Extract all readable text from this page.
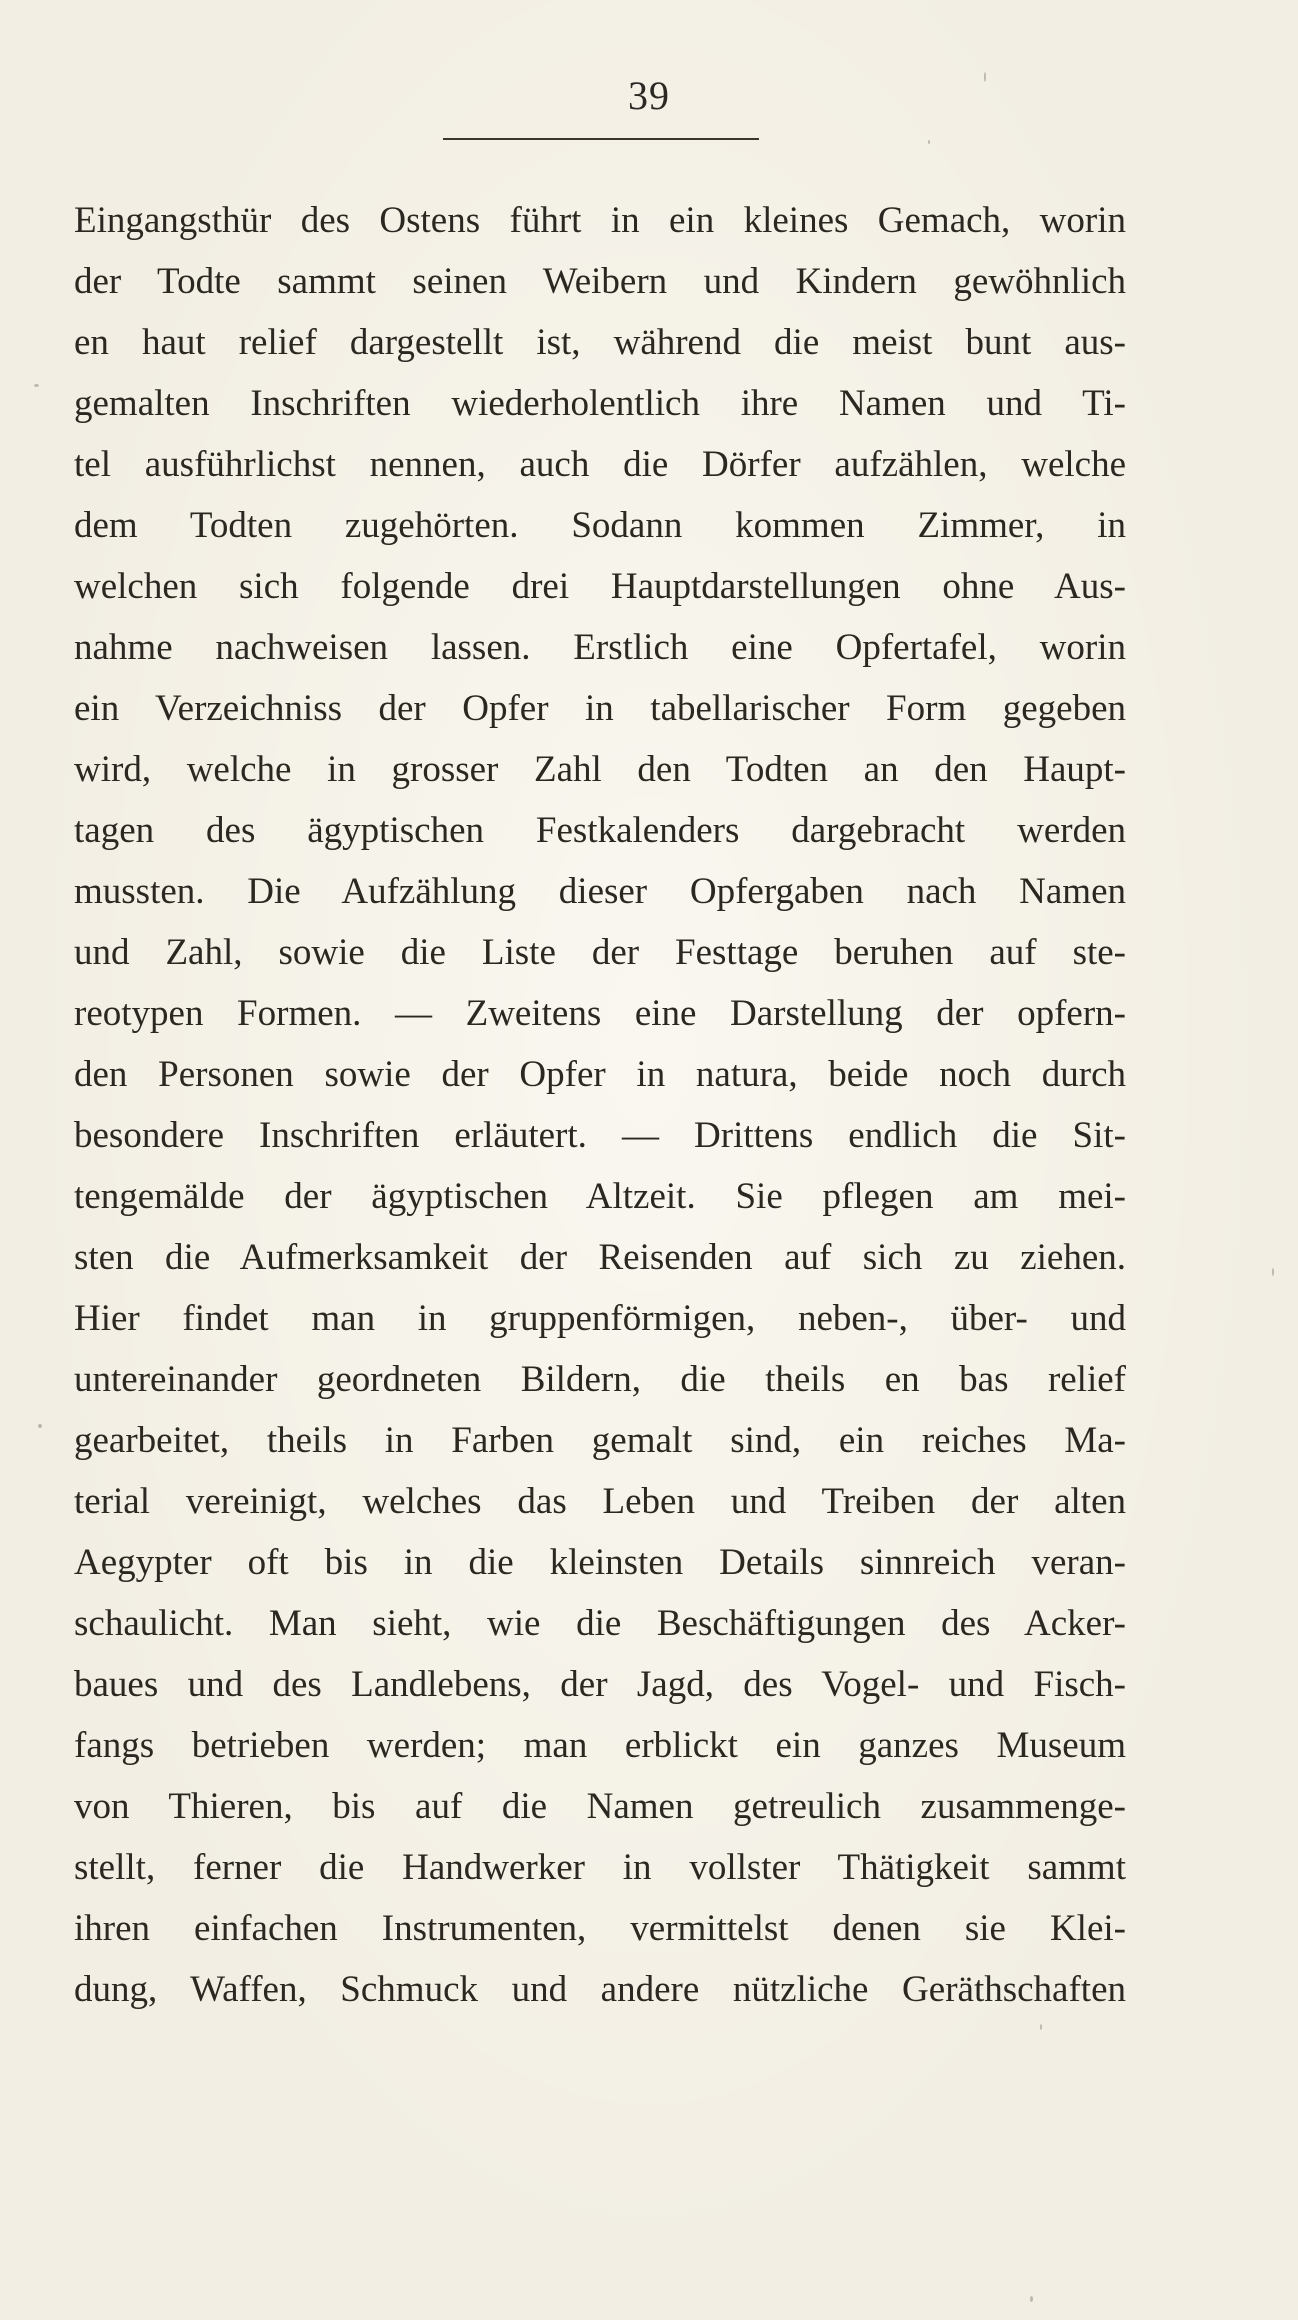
39
Eingangsthür des Ostens führt in ein kleines Gemach, worin
der Todte sammt seinen Weibern und Kindern gewöhnlich
en haut relief dargestellt ist, während die meist bunt aus-
gemalten Inschriften wiederholentlich ihre Namen und Ti-
tel ausführlichst nennen, auch die Dörfer aufzählen, welche
dem Todten zugehörten. Sodann kommen Zimmer, in
welchen sich folgende drei Hauptdarstellungen ohne Aus-
nahme nachweisen lassen. Erstlich eine Opfertafel, worin
ein Verzeichniss der Opfer in tabellarischer Form gegeben
wird, welche in grosser Zahl den Todten an den Haupt-
tagen des ägyptischen Festkalenders dargebracht werden
mussten. Die Aufzählung dieser Opfergaben nach Namen
und Zahl, sowie die Liste der Festtage beruhen auf ste-
reotypen Formen. — Zweitens eine Darstellung der opfern-
den Personen sowie der Opfer in natura, beide noch durch
besondere Inschriften erläutert. — Drittens endlich die Sit-
tengemälde der ägyptischen Altzeit. Sie pflegen am mei-
sten die Aufmerksamkeit der Reisenden auf sich zu ziehen.
Hier findet man in gruppenförmigen, neben-, über- und
untereinander geordneten Bildern, die theils en bas relief
gearbeitet, theils in Farben gemalt sind, ein reiches Ma-
terial vereinigt, welches das Leben und Treiben der alten
Aegypter oft bis in die kleinsten Details sinnreich veran-
schaulicht. Man sieht, wie die Beschäftigungen des Acker-
baues und des Landlebens, der Jagd, des Vogel- und Fisch-
fangs betrieben werden; man erblickt ein ganzes Museum
von Thieren, bis auf die Namen getreulich zusammenge-
stellt, ferner die Handwerker in vollster Thätigkeit sammt
ihren einfachen Instrumenten, vermittelst denen sie Klei-
dung, Waffen, Schmuck und andere nützliche Geräthschaften
